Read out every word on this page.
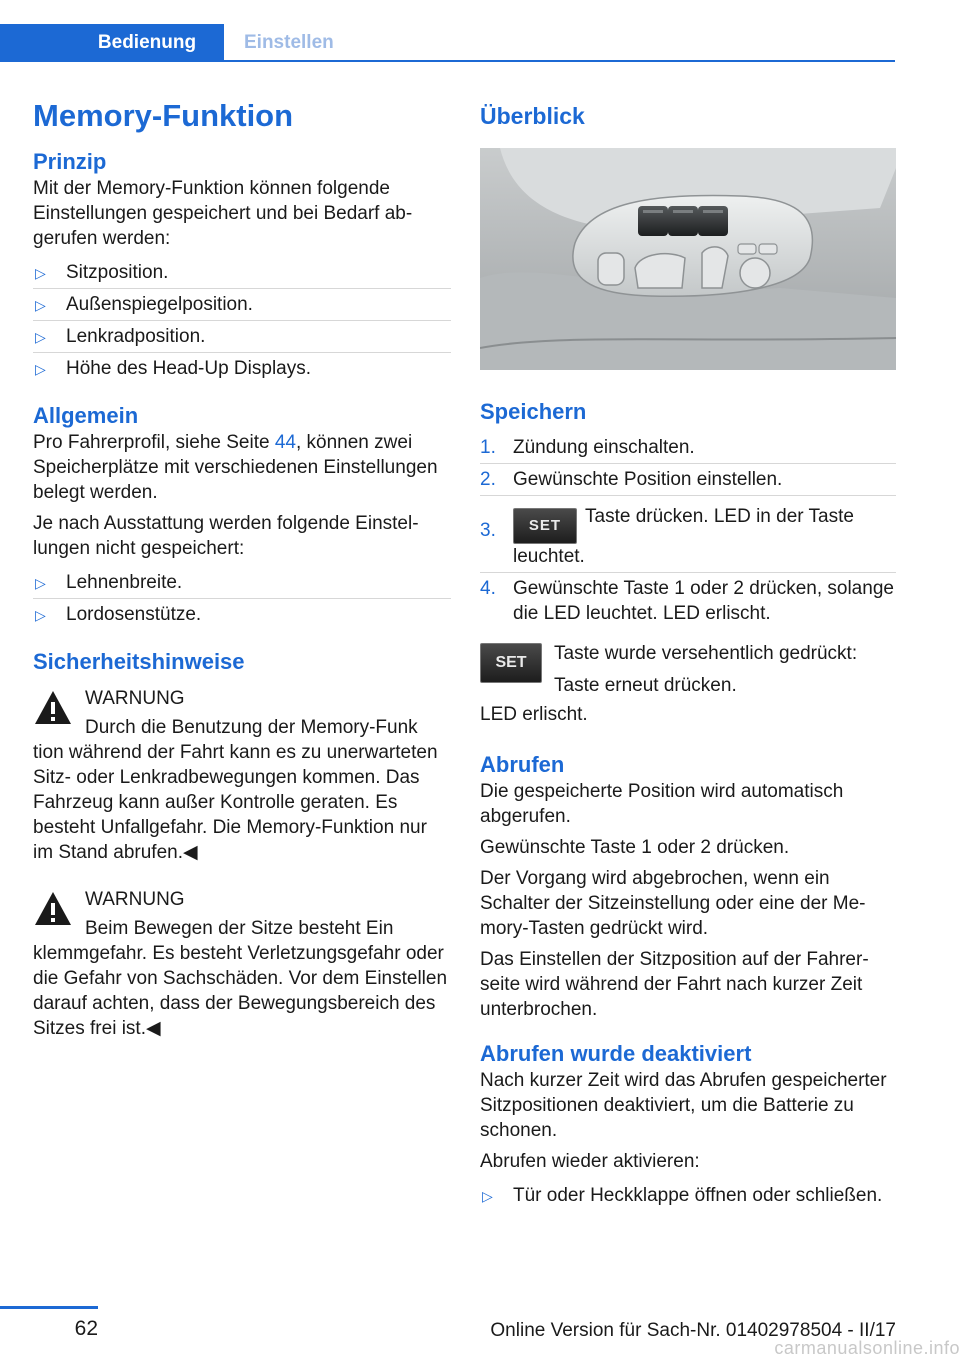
Bedienung	Einstellen
Memory-Funktion
Prinzip

Mit der Memory-Funktion können folgende Einstellungen gespeichert und bei Bedarf abgerufen werden:

▷ Sitzposition.
▷ Außenspiegelposition.
▷ Lenkradposition.
▷ Höhe des Head-Up Displays.
Allgemein

Pro Fahrerprofil, siehe Seite 44, können zwei Speicherplätze mit verschiedenen Einstellungen belegt werden.

Je nach Ausstattung werden folgende Einstellungen nicht gespeichert:

▷ Lehnenbreite.
▷ Lordosenstütze.
Sicherheitshinweise
WARNUNG
Durch die Benutzung der Memory-Funk
tion während der Fahrt kann es zu unerwarteten Sitz- oder Lenkradbewegungen kommen. Das Fahrzeug kann außer Kontrolle geraten. Es besteht Unfallgefahr. Die Memory-Funktion nur im Stand abrufen.◀
WARNUNG
Beim Bewegen der Sitze besteht Ein
klemmgefahr. Es besteht Verletzungsgefahr oder die Gefahr von Sachschäden. Vor dem Einstellen darauf achten, dass der Bewegungsbereich des Sitzes frei ist.◀
Überblick
Speichern
1. Zündung einschalten.
2. Gewünschte Position einstellen.
3. SET Taste drücken. LED in der Taste leuchtet.
4. Gewünschte Taste 1 oder 2 drücken, solange die LED leuchtet. LED erlischt.
SET	Taste wurde versehentlich gedrückt:

Taste erneut drücken.

LED erlischt.

Abrufen

Die gespeicherte Position wird automatisch abgerufen.

Gewünschte Taste 1 oder 2 drücken.

Der Vorgang wird abgebrochen, wenn ein Schalter der Sitzeinstellung oder eine der Memory-Tasten gedrückt wird.

Das Einstellen der Sitzposition auf der Fahrerseite wird während der Fahrt nach kurzer Zeit unterbrochen.

Abrufen wurde deaktiviert

Nach kurzer Zeit wird das Abrufen gespeicherter Sitzpositionen deaktiviert, um die Batterie zu schonen.

Abrufen wieder aktivieren:

▷ Tür oder Heckklappe öffnen oder schließen.
62	Online Version für Sach-Nr. 01402978504 - II/17
carmanualsonline.info
